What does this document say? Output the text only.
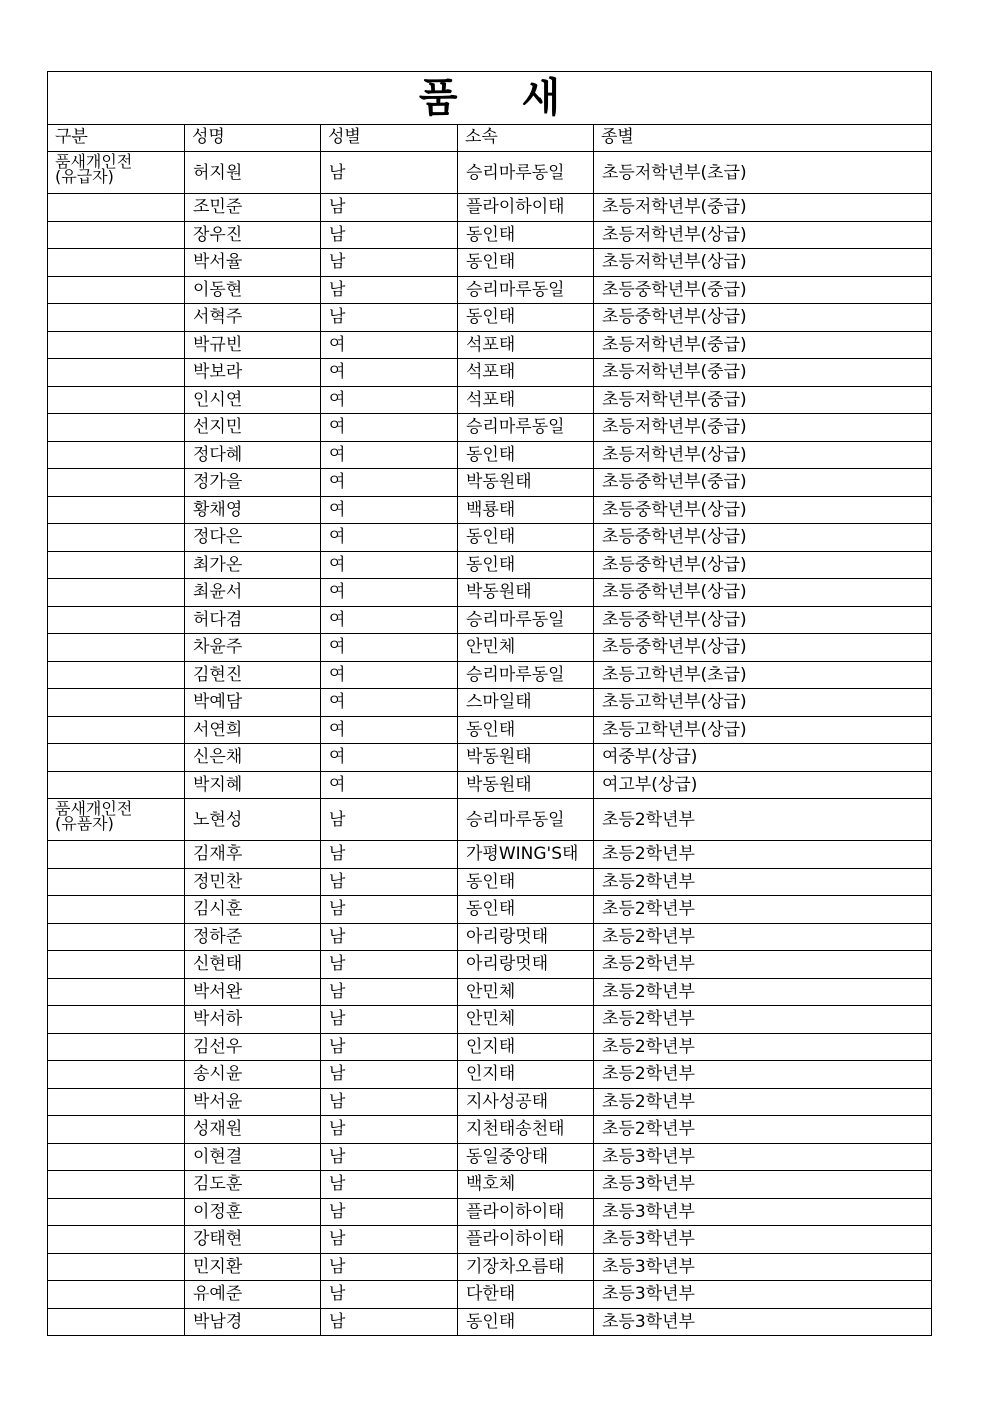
품 새				
구분	성명	성별	소속	종별

품새개인전
(유급자)	허지원	남	승리마루동일	초등저학년부(초급)
	조민준	남	플라이하이태	초등저학년부(중급)
	장우진	남	동인태	초등저학년부(상급)
	박서율	남	동인태	초등저학년부(상급)
	이동현	남	승리마루동일	초등중학년부(중급)
	서혁주	남	동인태	초등중학년부(상급)
	박규빈	여	석포태	초등저학년부(중급)
	박보라	여	석포태	초등저학년부(중급)
	인시연	여	석포태	초등저학년부(중급)
	선지민	여	승리마루동일	초등저학년부(중급)
	정다혜	여	동인태	초등저학년부(상급)
	정가을	여	박동원태	초등중학년부(중급)
	황채영	여	백룡태	초등중학년부(상급)
	정다은	여	동인태	초등중학년부(상급)
	최가온	여	동인태	초등중학년부(상급)
	최윤서	여	박동원태	초등중학년부(상급)
	허다겸	여	승리마루동일	초등중학년부(상급)
	차윤주	여	안민체	초등중학년부(상급)
	김현진	여	승리마루동일	초등고학년부(초급)
	박예담	여	스마일태	초등고학년부(상급)
	서연희	여	동인태	초등고학년부(상급)
	신은채	여	박동원태	여중부(상급)
	박지혜	여	박동원태	여고부(상급)

품새개인전
(유품자)	노현성	남	승리마루동일	초등2학년부
	김재후	남	가평WING'S태	초등2학년부
	정민찬	남	동인태	초등2학년부
	김시훈	남	동인태	초등2학년부
	정하준	남	아리랑멋태	초등2학년부
	신현태	남	아리랑멋태	초등2학년부
	박서완	남	안민체	초등2학년부
	박서하	남	안민체	초등2학년부
	김선우	남	인지태	초등2학년부
	송시윤	남	인지태	초등2학년부
	박서윤	남	지사성공태	초등2학년부
	성재원	남	지천태송천태	초등2학년부
	이현결	남	동일중앙태	초등3학년부
	김도훈	남	백호체	초등3학년부
	이정훈	남	플라이하이태	초등3학년부
	강태현	남	플라이하이태	초등3학년부
	민지환	남	기장차오름태	초등3학년부
	유예준	남	다한태	초등3학년부
	박남경	남	동인태	초등3학년부
